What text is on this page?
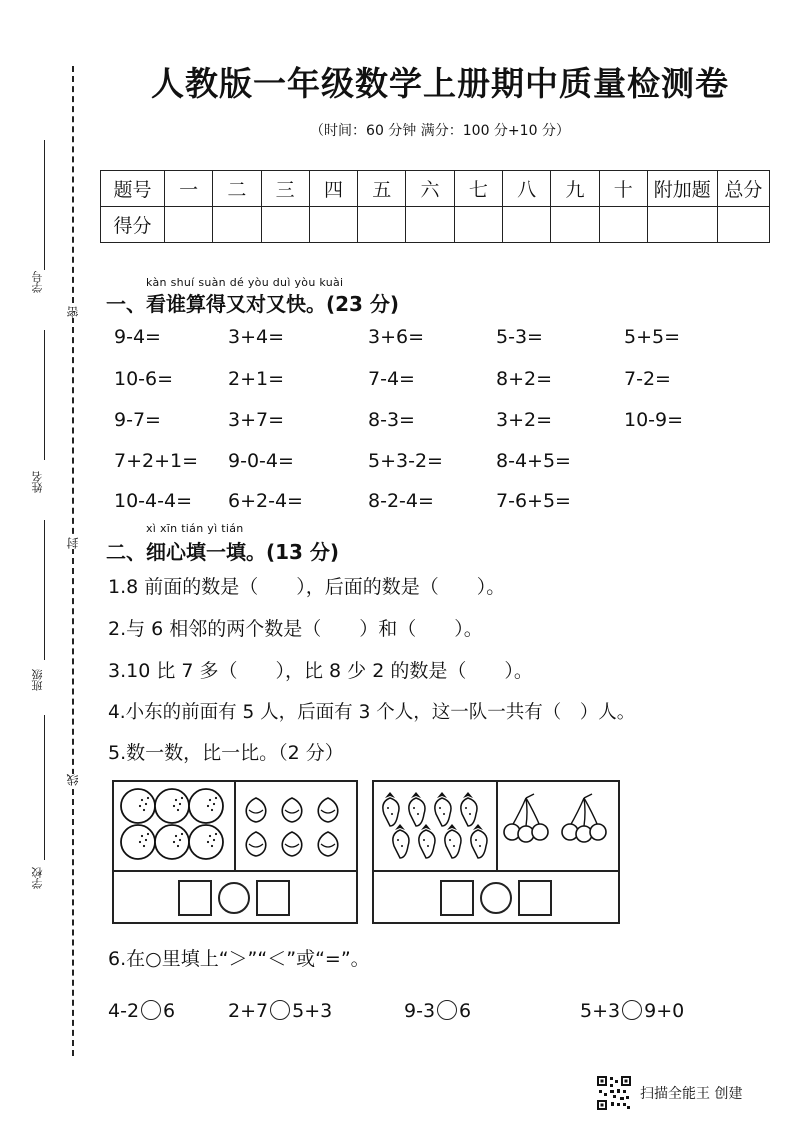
学号
姓名
班级
学校
密
封
线
人教版一年级数学上册期中质量检测卷
（时间：60 分钟 满分：100 分+10 分）
题号	一	二	三	四	五	六	七	八	九	十	附加题	总分
得分												
kàn shuí suàn dé yòu duì yòu kuài
一、看谁算得又对又快。(23 分)
9-4=	3+4=	3+6=	5-3=	5+5=
10-6=	2+1=	7-4=	8+2=	7-2=
9-7=	3+7=	8-3=	3+2=	10-9=
7+2+1= 9-0-4=	5+3-2=	8-4+5=
10-4-4= 6+2-4=	8-2-4=	7-6+5=
xì xīn tián yì tián
二、细心填一填。(13 分)
1.8 前面的数是（　　），后面的数是（　　）。
2.与 6 相邻的两个数是（　　）和（　　）。
3.10 比 7 多（　　），比 8 少 2 的数是（　　）。
4.小东的前面有 5 人，后面有 3 个人，这一队一共有（　）人。
5.数一数，比一比。（2 分）
6.在○里填上“＞”“＜”或“=”。
4-2 6	2+7 5+3	9-3 6	5+3 9+0
扫描全能王 创建
